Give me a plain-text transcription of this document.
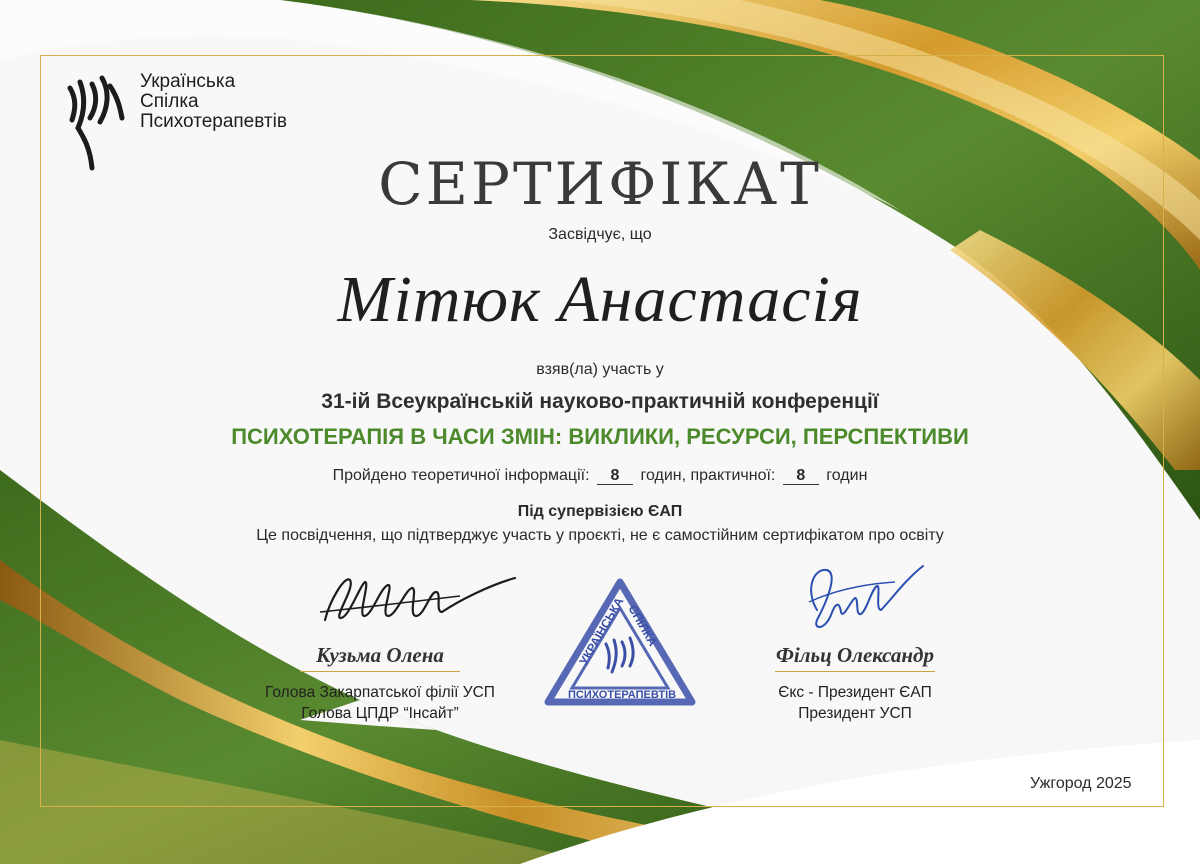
Українська
Спілка
Психотерапевтів
СЕРТИФІКАТ
Засвідчує, що
Мітюк Анастасія
взяв(ла) участь у
31-ій Всеукраїнській науково-практичній конференції
ПСИХОТЕРАПІЯ В ЧАСИ ЗМІН: ВИКЛИКИ, РЕСУРСИ, ПЕРСПЕКТИВИ
Пройдено теоретичної інформації: 8 годин, практичної: 8 годин
Під супервізією ЄАП
Це посвідчення, що підтверджує участь у проєкті, не є самостійним сертифікатом про освіту
Кузьма Олена
Голова Закарпатської філії УСП
Голова ЦПДР “Інсайт”
УКРАЇНСЬКА
СПІЛКА
ПСИХОТЕРАПЕВТІВ
Фільц Олександр
Єкс - Президент ЄАП
Президент УСП
Ужгород 2025
